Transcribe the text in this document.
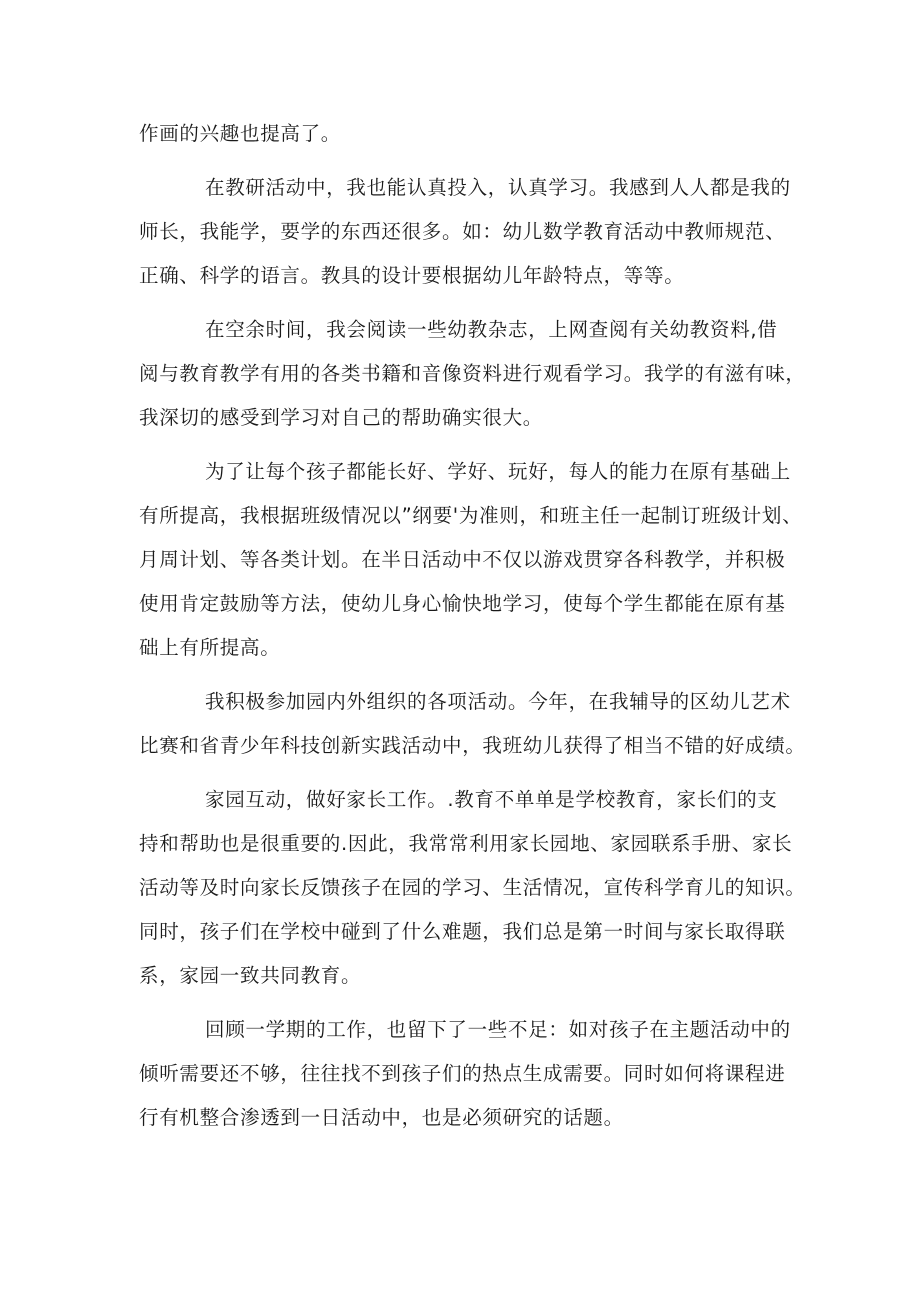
作画的兴趣也提高了。
在教研活动中，我也能认真投入，认真学习。我感到人人都是我的
师长，我能学，要学的东西还很多。如：幼儿数学教育活动中教师规范、
正确、科学的语言。教具的设计要根据幼儿年龄特点，等等。
在空余时间，我会阅读一些幼教杂志，上网查阅有关幼教资料,借
阅与教育教学有用的各类书籍和音像资料进行观看学习。我学的有滋有味，
我深切的感受到学习对自己的帮助确实很大。
为了让每个孩子都能长好、学好、玩好，每人的能力在原有基础上
有所提高，我根据班级情况以”纲要'为准则，和班主任一起制订班级计划、
月周计划、等各类计划。在半日活动中不仅以游戏贯穿各科教学，并积极
使用肯定鼓励等方法，使幼儿身心愉快地学习，使每个学生都能在原有基
础上有所提高。
我积极参加园内外组织的各项活动。今年，在我辅导的区幼儿艺术
比赛和省青少年科技创新实践活动中，我班幼儿获得了相当不错的好成绩。
家园互动，做好家长工作。.教育不单单是学校教育，家长们的支
持和帮助也是很重要的.因此，我常常利用家长园地、家园联系手册、家长
活动等及时向家长反馈孩子在园的学习、生活情况，宣传科学育儿的知识。
同时，孩子们在学校中碰到了什么难题，我们总是第一时间与家长取得联
系，家园一致共同教育。
回顾一学期的工作，也留下了一些不足：如对孩子在主题活动中的
倾听需要还不够，往往找不到孩子们的热点生成需要。同时如何将课程进
行有机整合渗透到一日活动中，也是必须研究的话题。
